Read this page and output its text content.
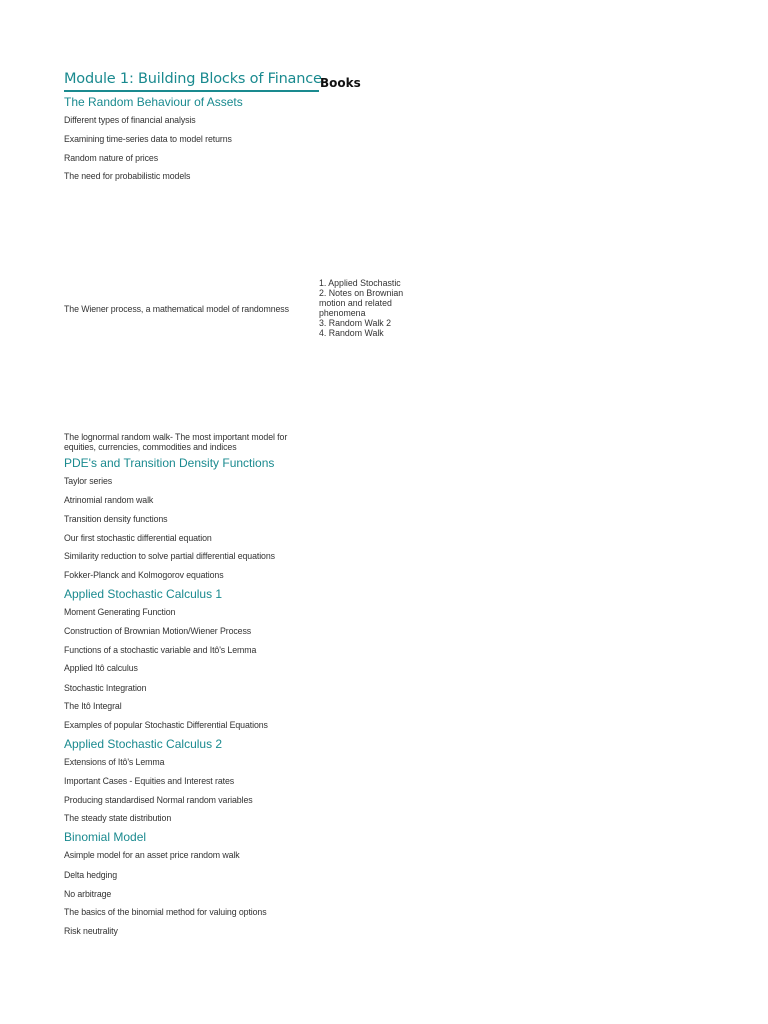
Module 1: Building Blocks of Finance
Books
The Random Behaviour of Assets
Different types of financial analysis
Examining time-series data to model returns
Random nature of prices
The need for probabilistic models
The Wiener process, a mathematical model of randomness
The lognormal random walk- The most important model for equities, currencies, commodities and indices
1. Applied Stochastic
2. Notes on Brownian motion and related phenomena
3. Random Walk 2
4. Random Walk
PDE's and Transition Density Functions
Taylor series
Atrinomial random walk
Transition density functions
Our first stochastic differential equation
Similarity reduction to solve partial differential equations
Fokker-Planck and Kolmogorov equations
Applied Stochastic Calculus 1
Moment Generating Function
Construction of Brownian Motion/Wiener Process
Functions of a stochastic variable and Itô's Lemma
Applied Itô calculus
Stochastic Integration
The Itô Integral
Examples of popular Stochastic Differential Equations
Applied Stochastic Calculus 2
Extensions of Itô's Lemma
Important Cases - Equities and Interest rates
Producing standardised Normal random variables
The steady state distribution
Binomial Model
Asimple model for an asset price random walk
Delta hedging
No arbitrage
The basics of the binomial method for valuing options
Risk neutrality
